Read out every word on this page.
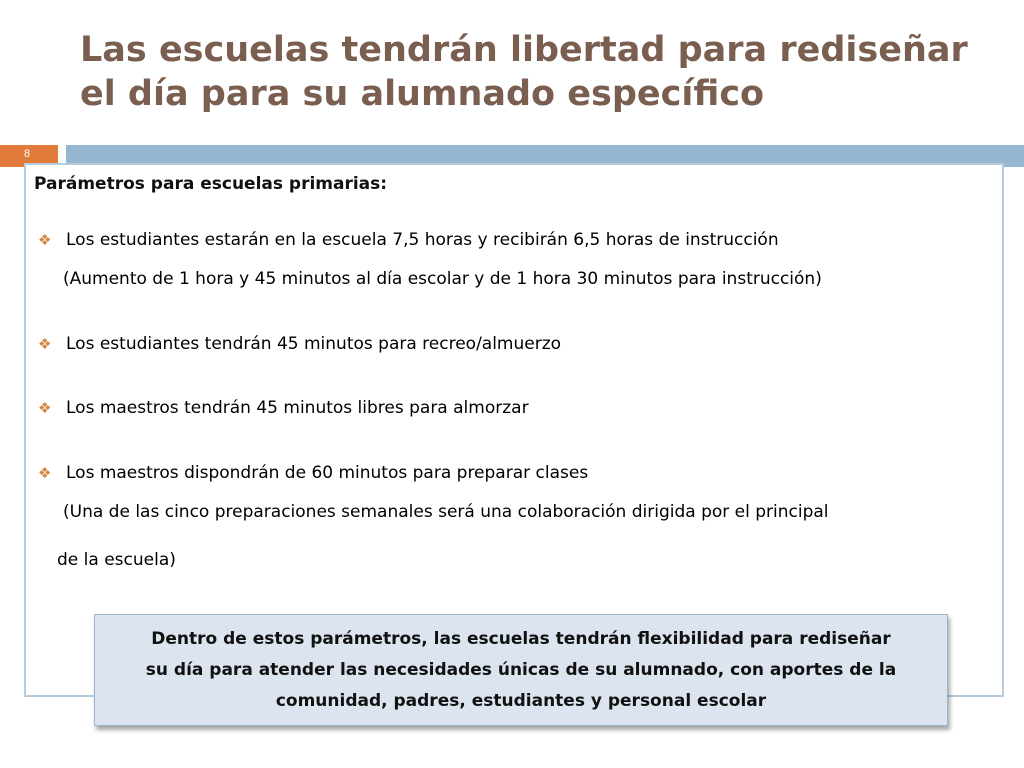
Las escuelas tendrán libertad para rediseñar
el día para su alumnado específico
8
Parámetros para escuelas primarias:
❖ Los estudiantes estarán en la escuela 7,5 horas y recibirán 6,5 horas de instrucción
(Aumento de 1 hora y 45 minutos al día escolar y de 1 hora 30 minutos para instrucción)
❖ Los estudiantes tendrán 45 minutos para recreo/almuerzo
❖ Los maestros tendrán 45 minutos libres para almorzar
❖ Los maestros dispondrán de 60 minutos para preparar clases
(Una de las cinco preparaciones semanales será una colaboración dirigida por el principal
de la escuela)
Dentro de estos parámetros, las escuelas tendrán flexibilidad para rediseñar
su día para atender las necesidades únicas de su alumnado, con aportes de la
comunidad, padres, estudiantes y personal escolar
